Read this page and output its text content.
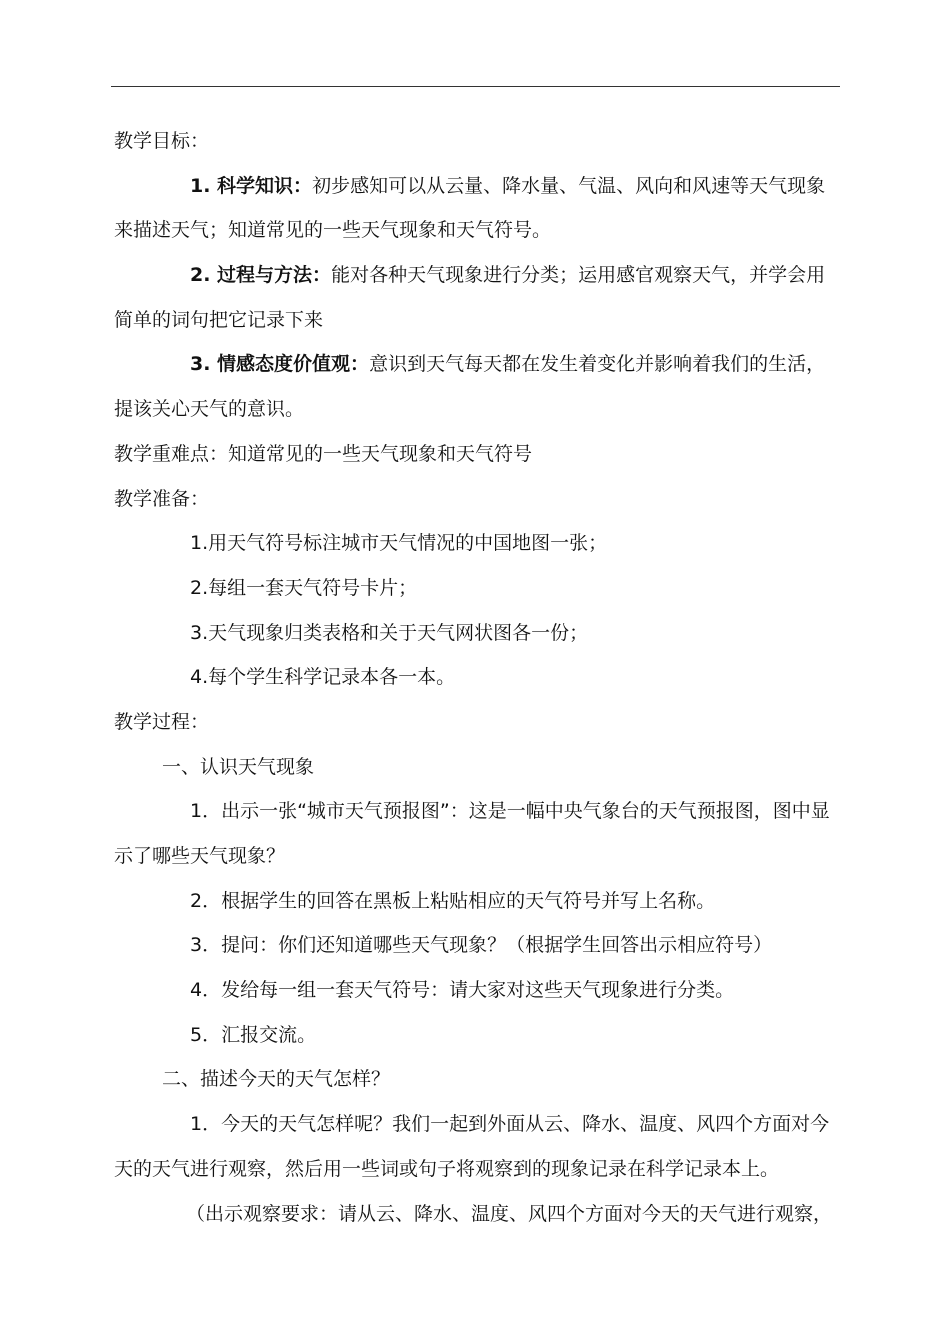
教学目标：
1. 科学知识：初步感知可以从云量、降水量、气温、风向和风速等天气现象
来描述天气；知道常见的一些天气现象和天气符号。
2. 过程与方法：能对各种天气现象进行分类；运用感官观察天气，并学会用
简单的词句把它记录下来
3. 情感态度价值观：意识到天气每天都在发生着变化并影响着我们的生活，
提该关心天气的意识。
教学重难点：知道常见的一些天气现象和天气符号
教学准备：
1.用天气符号标注城市天气情况的中国地图一张；
2.每组一套天气符号卡片；
3.天气现象归类表格和关于天气网状图各一份；
4.每个学生科学记录本各一本。
教学过程：
一、认识天气现象
1．出示一张“城市天气预报图”：这是一幅中央气象台的天气预报图，图中显
示了哪些天气现象？
2．根据学生的回答在黑板上粘贴相应的天气符号并写上名称。
3．提问：你们还知道哪些天气现象？（根据学生回答出示相应符号）
4．发给每一组一套天气符号：请大家对这些天气现象进行分类。
5．汇报交流。
二、描述今天的天气怎样？
1．今天的天气怎样呢？我们一起到外面从云、降水、温度、风四个方面对今
天的天气进行观察，然后用一些词或句子将观察到的现象记录在科学记录本上。
（出示观察要求：请从云、降水、温度、风四个方面对今天的天气进行观察，
